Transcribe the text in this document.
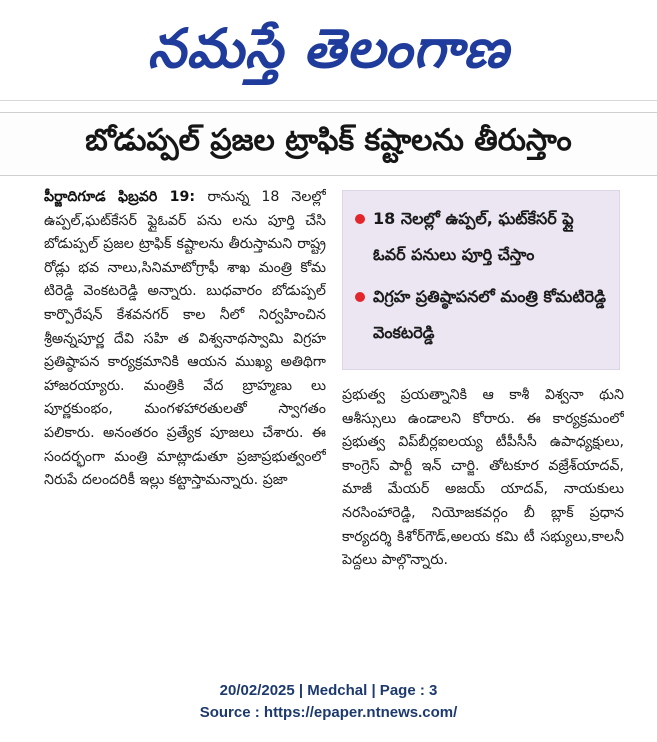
నమస్తే తెలంగాణ
బోడుప్పల్ ప్రజల ట్రాఫిక్ కష్టాలను తీరుస్తాం
పీర్జాదిగూడ ఫిబ్రవరి 19: రానున్న 18 నెలల్లో ఉప్పల్,ఘట్‌కేసర్ ఫ్లైఓవర్ పను లను పూర్తి చేసి బోడుప్పల్ ప్రజల ట్రాఫిక్ కష్టాలను తీరుస్తామని రాష్ట్ర రోడ్లు భవ నాలు,సినిమాటోగ్రాఫీ శాఖ మంత్రి కోమ టిరెడ్డి వెంకటరెడ్డి అన్నారు. బుధవారం బోడుప్పల్ కార్పొరేషన్ కేశవనగర్ కాల నీలో నిర్వహించిన శ్రీఅన్నపూర్ణ దేవి సహి త విశ్వనాథస్వామి విగ్రహ ప్రతిష్ఠాపన కార్యక్రమానికి ఆయన ముఖ్య అతిథిగా హాజరయ్యారు. మంత్రికి వేద బ్రాహ్మణు లు పూర్ణకుంభం, మంగళహారతులతో స్వాగతం పలికారు. అనంతరం ప్రత్యేక పూజలు చేశారు. ఈ సందర్భంగా మంత్రి మాట్లాడుతూ ప్రజాప్రభుత్వంలో నిరుపే దలందరికీ ఇల్లు కట్టాస్తామన్నారు. ప్రజా
18 నెలల్లో ఉప్పల్, ఘట్‌కేసర్ ఫ్లై ఓవర్ పనులు పూర్తి చేస్తాం
విగ్రహ ప్రతిష్ఠాపనలో మంత్రి కోమటిరెడ్డి వెంకటరెడ్డి
ప్రభుత్వ ప్రయత్నానికి ఆ కాశీ విశ్వనా థుని ఆశీస్సులు ఉండాలని కోరారు. ఈ కార్యక్రమంలో ప్రభుత్వ విప్‌బీర్లఐలయ్య టీపీసీసీ ఉపాధ్యక్షులు, కాంగ్రెస్ పార్టీ ఇన్ చార్జి. తోటకూర వజ్రేశ్‌యాదవ్, మాజీ మేయర్ అజయ్ యాదవ్, నాయకులు నరసింహారెడ్డి, నియోజకవర్గం బీ బ్లాక్ ప్రధాన కార్యదర్శి కిశోర్‌గౌడ్,అలయ కమి టీ సభ్యులు,కాలనీ పెద్దలు పాల్గొన్నారు.
20/02/2025 | Medchal | Page : 3
Source : https://epaper.ntnews.com/
